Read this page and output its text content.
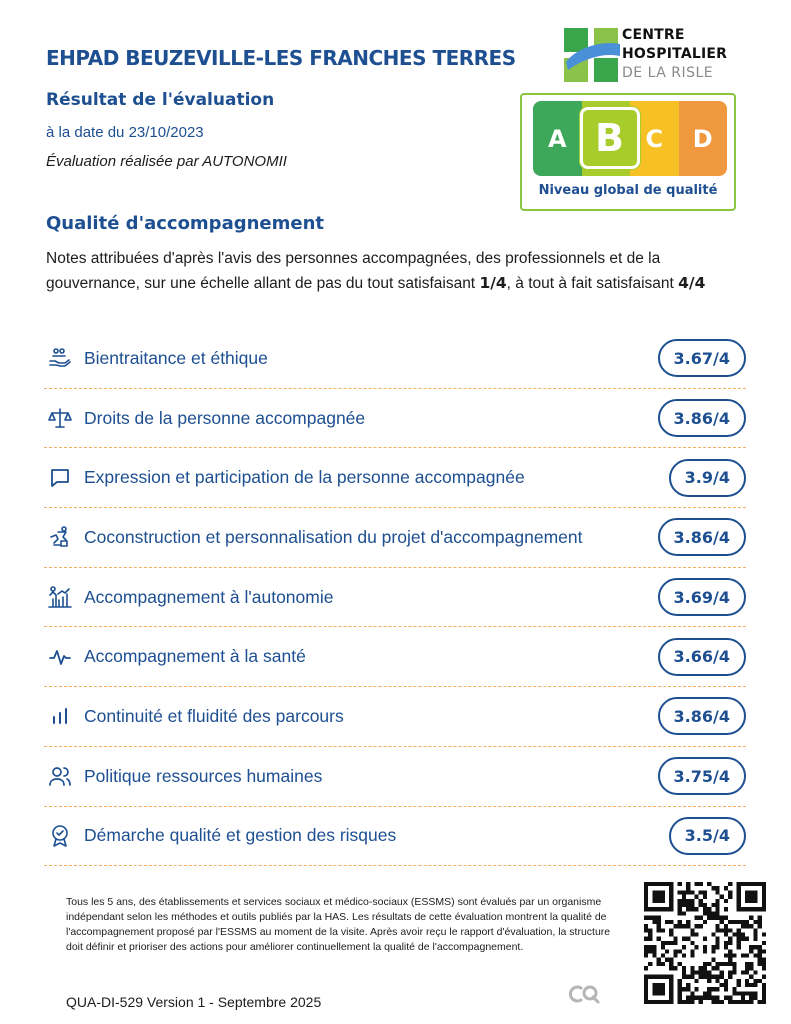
EHPAD BEUZEVILLE-LES FRANCHES TERRES
Résultat de l'évaluation
à la date du 23/10/2023
Évaluation réalisée par AUTONOMII
CENTRE
HOSPITALIER
DE LA RISLE
A B C	D
Niveau global de qualité
Qualité d'accompagnement
Notes attribuées d'après l'avis des personnes accompagnées, des professionnels et de la gouvernance, sur une échelle allant de pas du tout satisfaisant 1/4, à tout à fait satisfaisant 4/4
Bientraitance et éthique	3.67/4
Droits de la personne accompagnée	3.86/4
Expression et participation de la personne accompagnée	3.9/4
Coconstruction et personnalisation du projet d'accompagnement	3.86/4
Accompagnement à l'autonomie	3.69/4
Accompagnement à la santé	3.66/4
Continuité et fluidité des parcours	3.86/4
Politique ressources humaines	3.75/4
Démarche qualité et gestion des risques	3.5/4
Tous les 5 ans, des établissements et services sociaux et médico-sociaux (ESSMS) sont évalués par un organisme indépendant selon les méthodes et outils publiés par la HAS. Les résultats de cette évaluation montrent la qualité de l'accompagnement proposé par l'ESSMS au moment de la visite. Après avoir reçu le rapport d'évaluation, la structure doit définir et prioriser des actions pour améliorer continuellement la qualité de l'accompagnement.
QUA-DI-529 Version 1 - Septembre 2025
